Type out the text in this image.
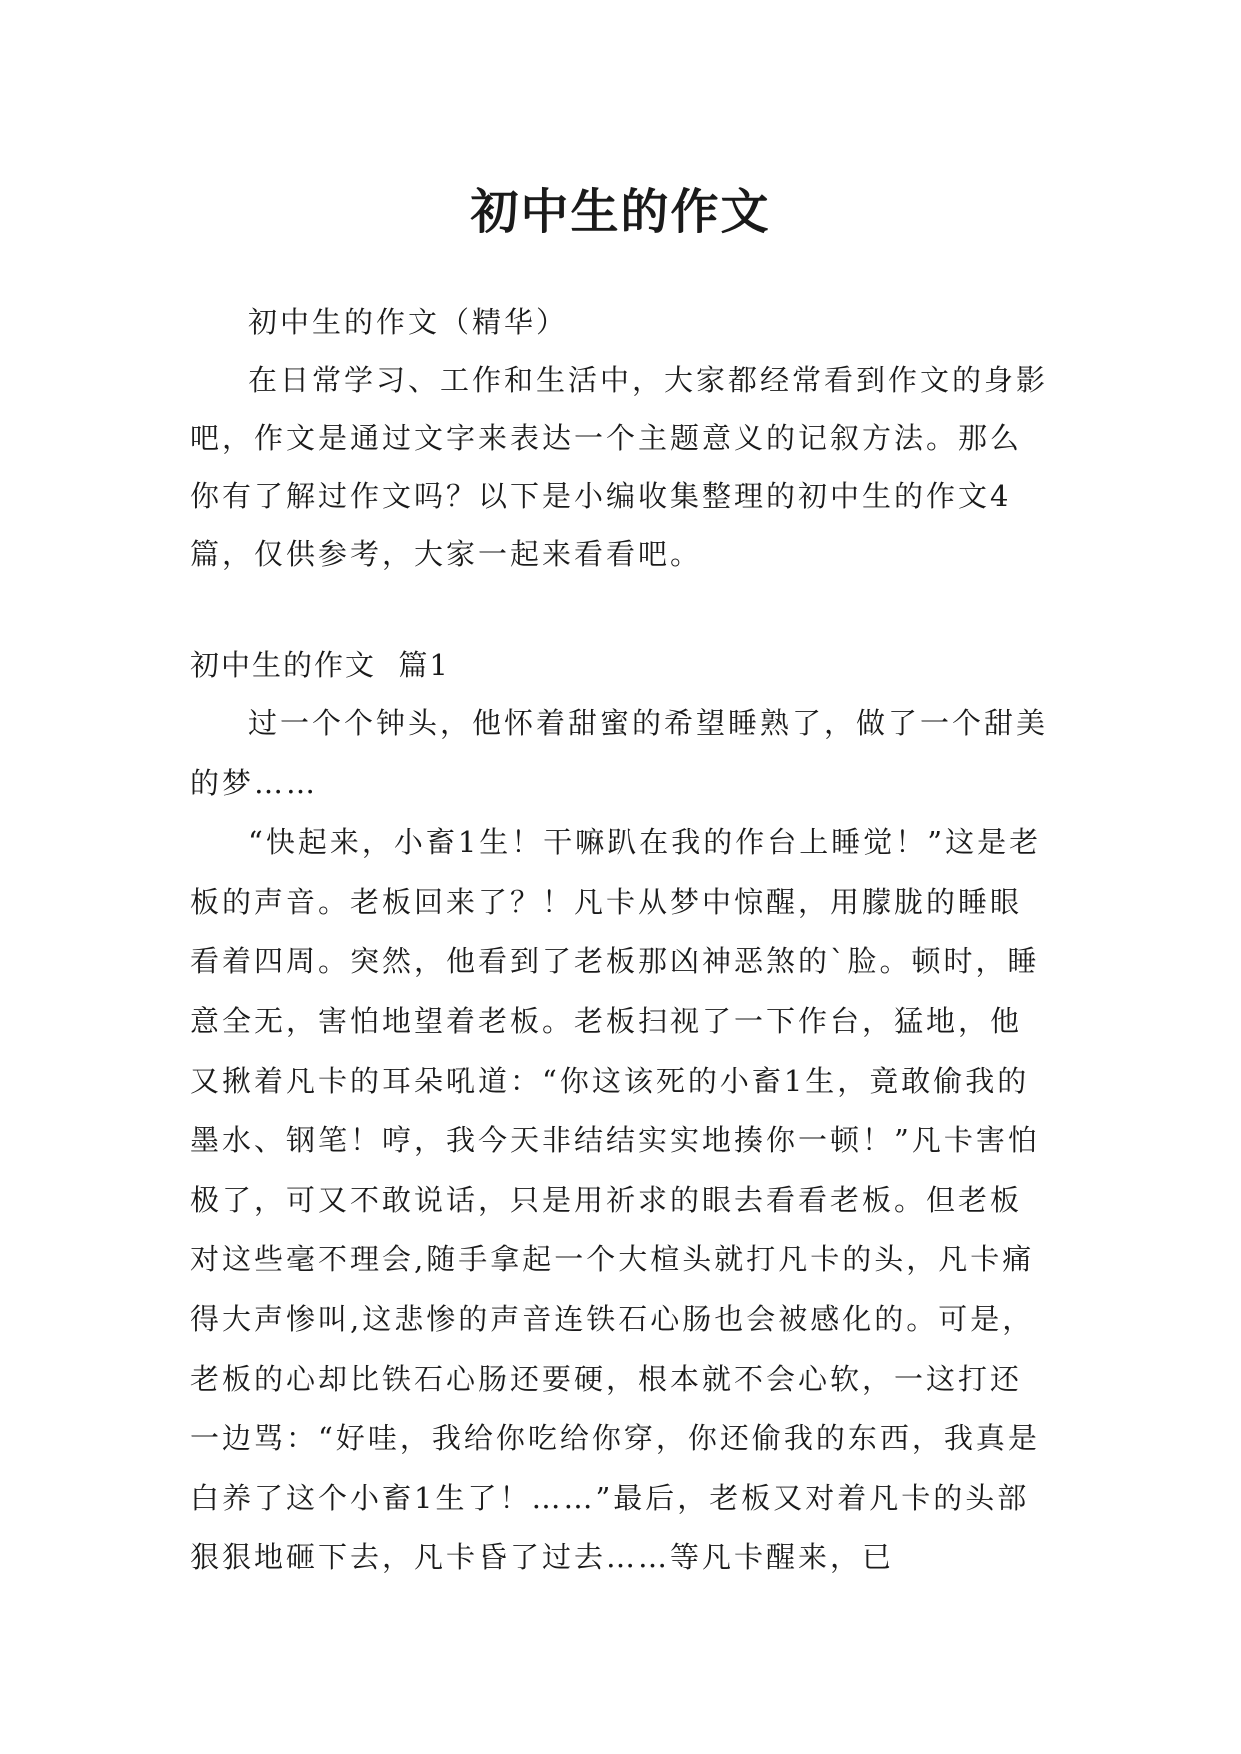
初中生的作文

初中生的作文（精华）

在日常学习、工作和生活中，大家都经常看到作文的身影吧，作文是通过文字来表达一个主题意义的记叙方法。那么你有了解过作文吗？以下是小编收集整理的初中生的作文4篇，仅供参考，大家一起来看看吧。

初中生的作文  篇1

过一个个钟头，他怀着甜蜜的希望睡熟了，做了一个甜美的梦……

“快起来，小畜1生！干嘛趴在我的作台上睡觉！”这是老板的声音。老板回来了？！凡卡从梦中惊醒，用朦胧的睡眼看着四周。突然，他看到了老板那凶神恶煞的`脸。顿时，睡意全无，害怕地望着老板。老板扫视了一下作台，猛地，他又揪着凡卡的耳朵吼道：“你这该死的小畜1生，竟敢偷我的墨水、钢笔！哼，我今天非结结实实地揍你一顿！”凡卡害怕极了，可又不敢说话，只是用祈求的眼去看看老板。但老板对这些毫不理会,随手拿起一个大楦头就打凡卡的头，凡卡痛得大声惨叫,这悲惨的声音连铁石心肠也会被感化的。可是，老板的心却比铁石心肠还要硬，根本就不会心软，一这打还一边骂：“好哇，我给你吃给你穿，你还偷我的东西，我真是白养了这个小畜1生了！……”最后，老板又对着凡卡的头部狠狠地砸下去，凡卡昏了过去……等凡卡醒来，已
